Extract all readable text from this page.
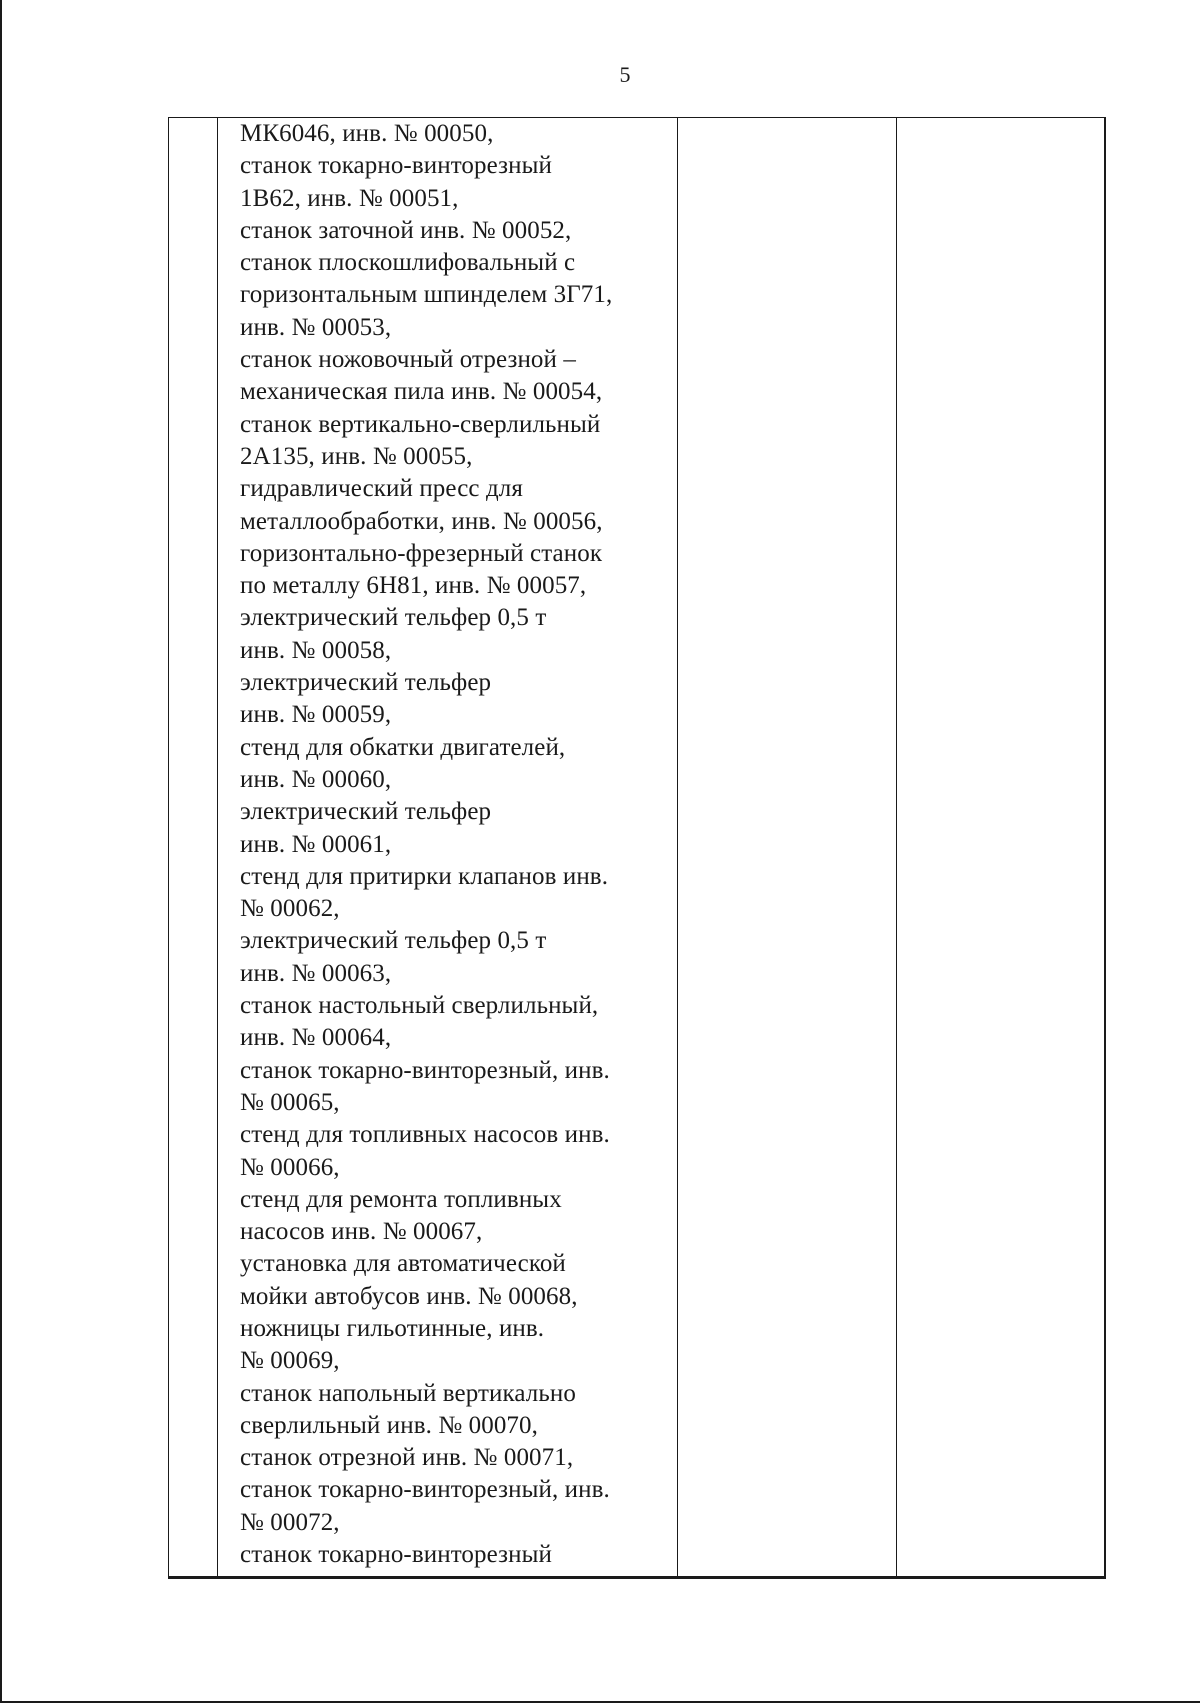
5
МК6046, инв. № 00050,
станок токарно-винторезный
1В62, инв. № 00051,
станок заточной инв. № 00052,
станок плоскошлифовальный с
горизонтальным шпинделем 3Г71,
инв. № 00053,
станок ножовочный отрезной –
механическая пила инв. № 00054,
станок вертикально-сверлильный
2А135, инв. № 00055,
гидравлический пресс для
металлообработки, инв. № 00056,
горизонтально-фрезерный станок
по металлу 6Н81, инв. № 00057,
электрический тельфер 0,5 т
инв. № 00058,
электрический тельфер
инв. № 00059,
стенд для обкатки двигателей,
инв. № 00060,
электрический тельфер
инв. № 00061,
стенд для притирки клапанов инв.
№ 00062,
электрический тельфер 0,5 т
инв. № 00063,
станок настольный сверлильный,
инв. № 00064,
станок токарно-винторезный, инв.
№ 00065,
стенд для топливных насосов инв.
№ 00066,
стенд для ремонта топливных
насосов инв. № 00067,
установка для автоматической
мойки автобусов инв. № 00068,
ножницы гильотинные, инв.
№ 00069,
станок напольный вертикально
сверлильный инв. № 00070,
станок отрезной инв. № 00071,
станок токарно-винторезный, инв.
№ 00072,
станок токарно-винторезный
